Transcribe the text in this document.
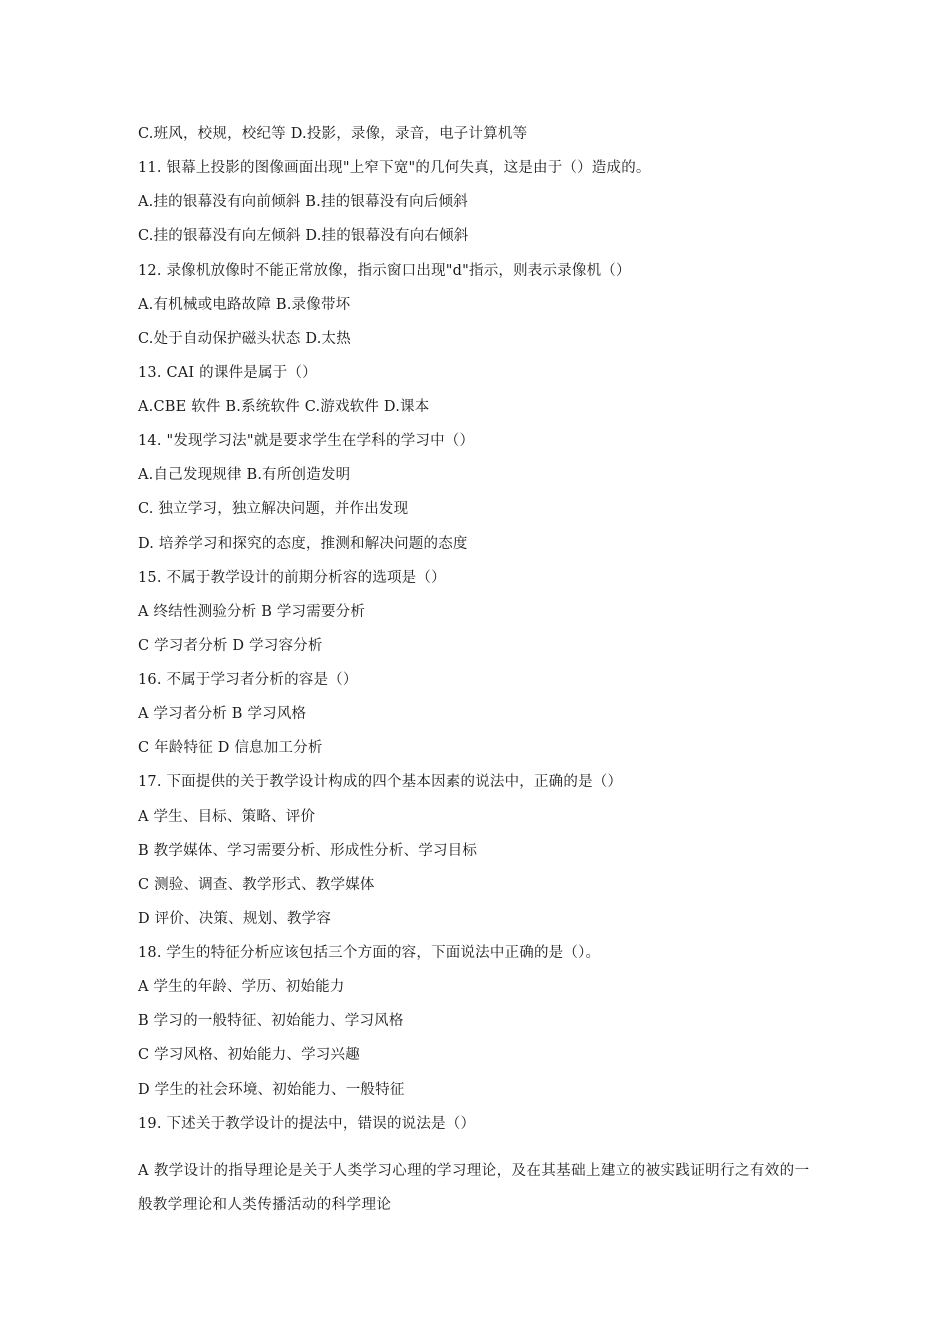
C.班风，校规，校纪等 D.投影，录像，录音，电子计算机等
11. 银幕上投影的图像画面出现"上窄下宽"的几何失真，这是由于（）造成的。
A.挂的银幕没有向前倾斜 B.挂的银幕没有向后倾斜
C.挂的银幕没有向左倾斜 D.挂的银幕没有向右倾斜
12. 录像机放像时不能正常放像，指示窗口出现"d"指示，则表示录像机（）
A.有机械或电路故障 B.录像带坏
C.处于自动保护磁头状态 D.太热
13. CAI 的课件是属于（）
A.CBE 软件 B.系统软件 C.游戏软件 D.课本
14. "发现学习法"就是要求学生在学科的学习中（）
A.自己发现规律 B.有所创造发明
C. 独立学习，独立解决问题，并作出发现
D. 培养学习和探究的态度，推测和解决问题的态度
15. 不属于教学设计的前期分析容的选项是（）
A 终结性测验分析 B 学习需要分析
C 学习者分析 D 学习容分析
16. 不属于学习者分析的容是（）
A 学习者分析 B 学习风格
C 年龄特征 D 信息加工分析
17. 下面提供的关于教学设计构成的四个基本因素的说法中，正确的是（）
A 学生、目标、策略、评价
B 教学媒体、学习需要分析、形成性分析、学习目标
C 测验、调查、教学形式、教学媒体
D 评价、决策、规划、教学容
18. 学生的特征分析应该包括三个方面的容，下面说法中正确的是（）。
A 学生的年龄、学历、初始能力
B 学习的一般特征、初始能力、学习风格
C 学习风格、初始能力、学习兴趣
D 学生的社会环境、初始能力、一般特征
19. 下述关于教学设计的提法中，错误的说法是（）
A 教学设计的指导理论是关于人类学习心理的学习理论，及在其基础上建立的被实践证明行之有效的一般教学理论和人类传播活动的科学理论
